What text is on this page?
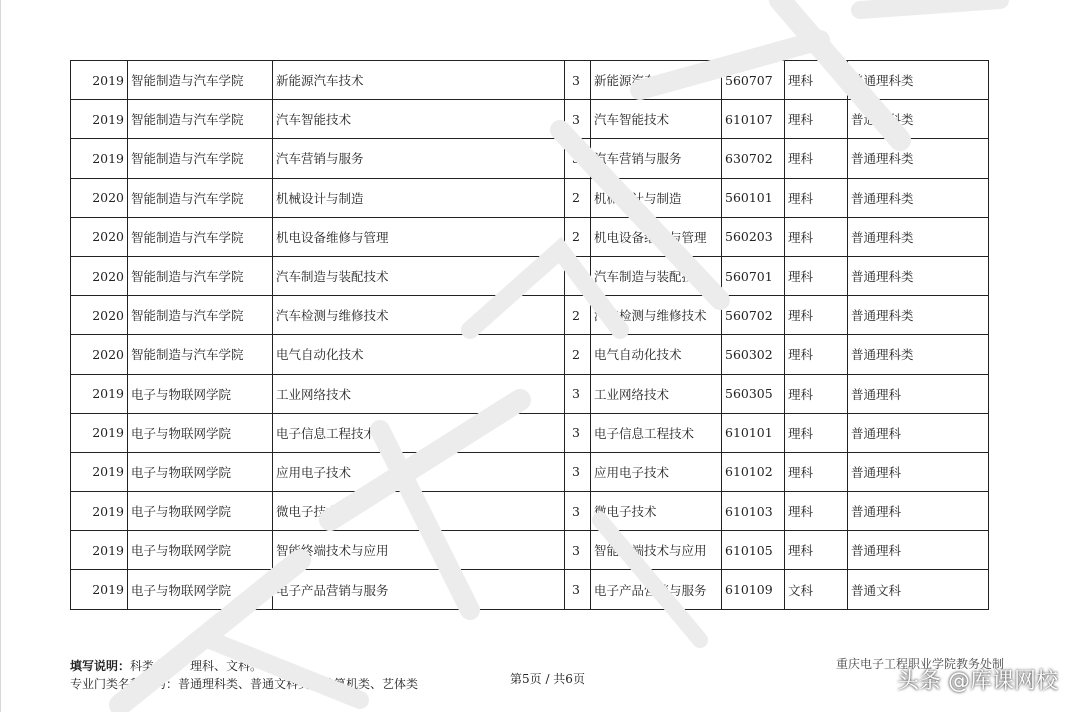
2019	智能制造与汽车学院	新能源汽车技术	3	新能源汽车技术	560707	理科	普通理科类
2019	智能制造与汽车学院	汽车智能技术	3	汽车智能技术	610107	理科	普通理科类
2019	智能制造与汽车学院	汽车营销与服务	3	汽车营销与服务	630702	理科	普通理科类
2020	智能制造与汽车学院	机械设计与制造	2	机械设计与制造	560101	理科	普通理科类
2020	智能制造与汽车学院	机电设备维修与管理	2	机电设备维修与管理	560203	理科	普通理科类
2020	智能制造与汽车学院	汽车制造与装配技术	2	汽车制造与装配技术	560701	理科	普通理科类
2020	智能制造与汽车学院	汽车检测与维修技术	2	汽车检测与维修技术	560702	理科	普通理科类
2020	智能制造与汽车学院	电气自动化技术	2	电气自动化技术	560302	理科	普通理科类
2019	电子与物联网学院	工业网络技术	3	工业网络技术	560305	理科	普通理科
2019	电子与物联网学院	电子信息工程技术	3	电子信息工程技术	610101	理科	普通理科
2019	电子与物联网学院	应用电子技术	3	应用电子技术	610102	理科	普通理科
2019	电子与物联网学院	微电子技术	3	微电子技术	610103	理科	普通理科
2019	电子与物联网学院	智能终端技术与应用	3	智能终端技术与应用	610105	理科	普通理科
2019	电子与物联网学院	电子产品营销与服务	3	电子产品营销与服务	610109	文科	普通文科
填写说明：科类分为：理科、文科。
专业门类名称分为：普通理科类、普通文科类、计算机类、艺体类	第5页 / 共6页
重庆电子工程职业学院教务处制
头条 @库课网校
